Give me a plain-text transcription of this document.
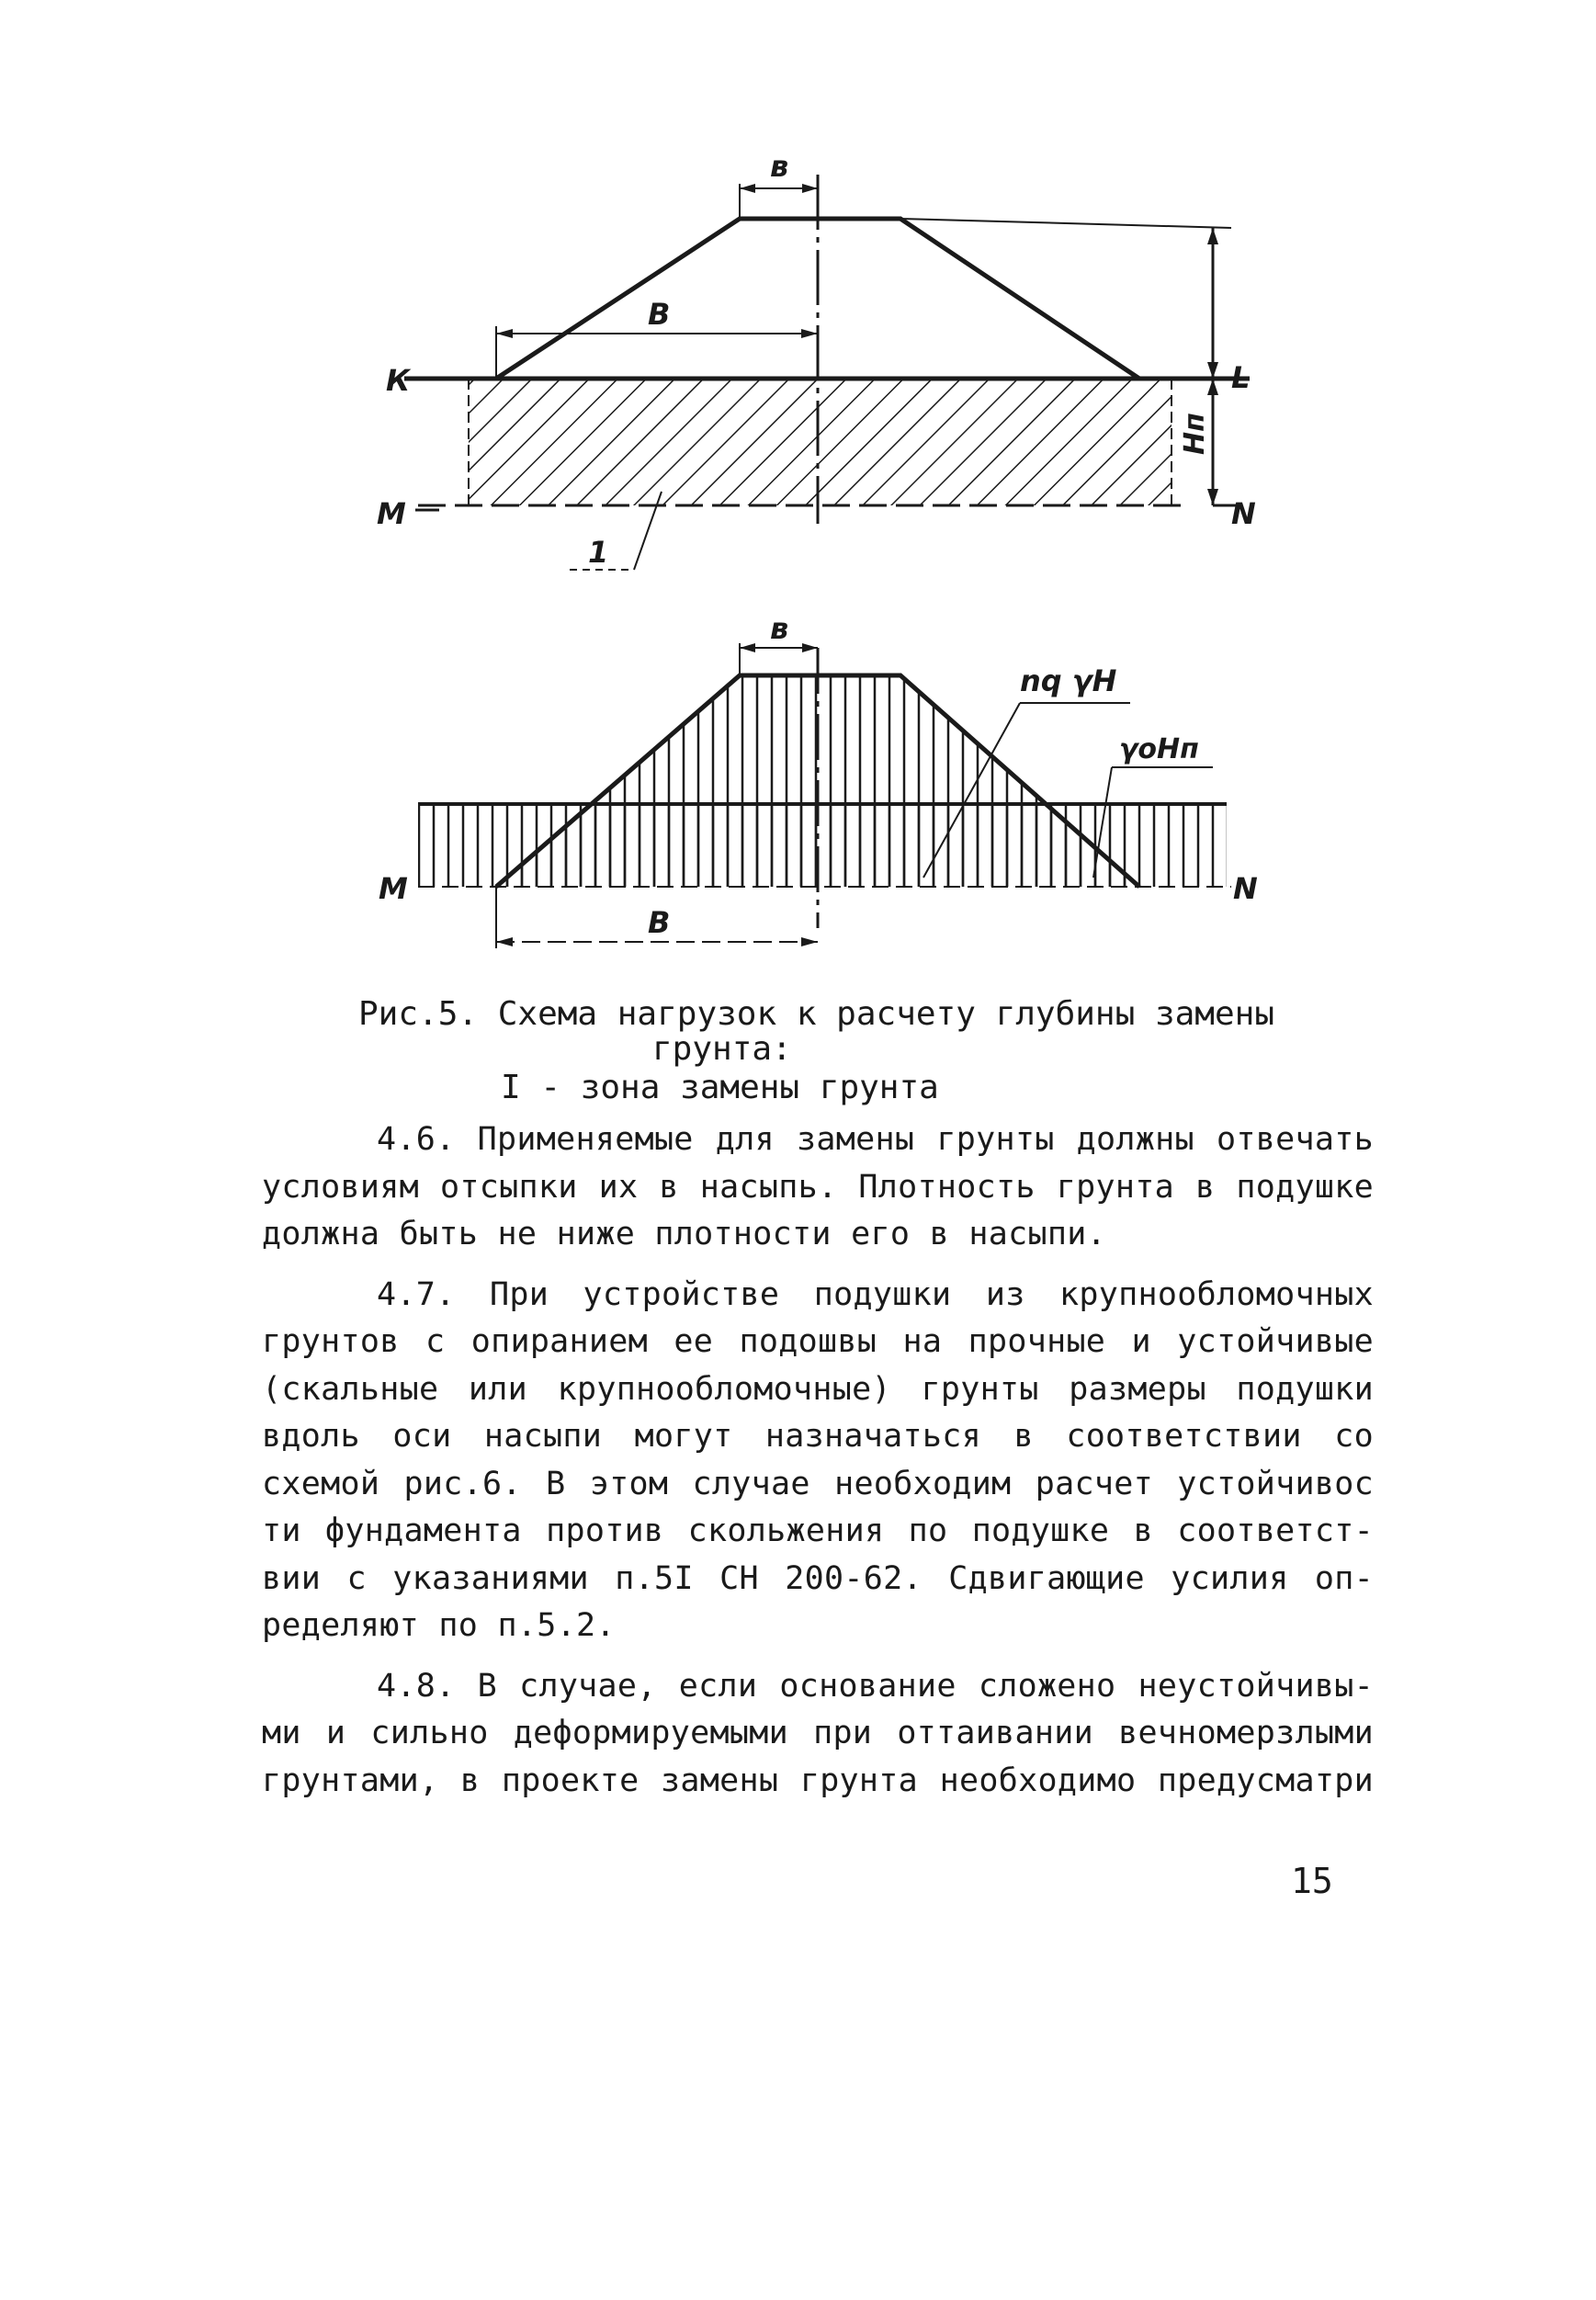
в
В
Hп
К	L
М	N
1
в
В
nq γH
γoHп
М	N
Рис.5. Схема нагрузок к расчету глубины замены
грунта:
I - зона замены грунта

4.6. Применяемые для замены грунты должны отвечать

условиям отсыпки их в насыпь. Плотность грунта в подушке

должна быть не ниже плотности его в насыпи.

4.7. При устройстве подушки из крупнообломочных

грунтов с опиранием ее подошвы на прочные и устойчивые

(скальные или крупнообломочные) грунты размеры подушки

вдоль оси насыпи могут назначаться в соответствии со

схемой рис.6. В этом случае необходим расчет устойчивос

ти фундамента против скольжения по подушке в соответст-

вии с указаниями п.5I СН 200-62. Сдвигающие усилия оп-

ределяют по п.5.2.

4.8. В случае, если основание сложено неустойчивы-

ми и сильно деформируемыми при оттаивании вечномерзлыми

грунтами, в проекте замены грунта необходимо предусматри

15
